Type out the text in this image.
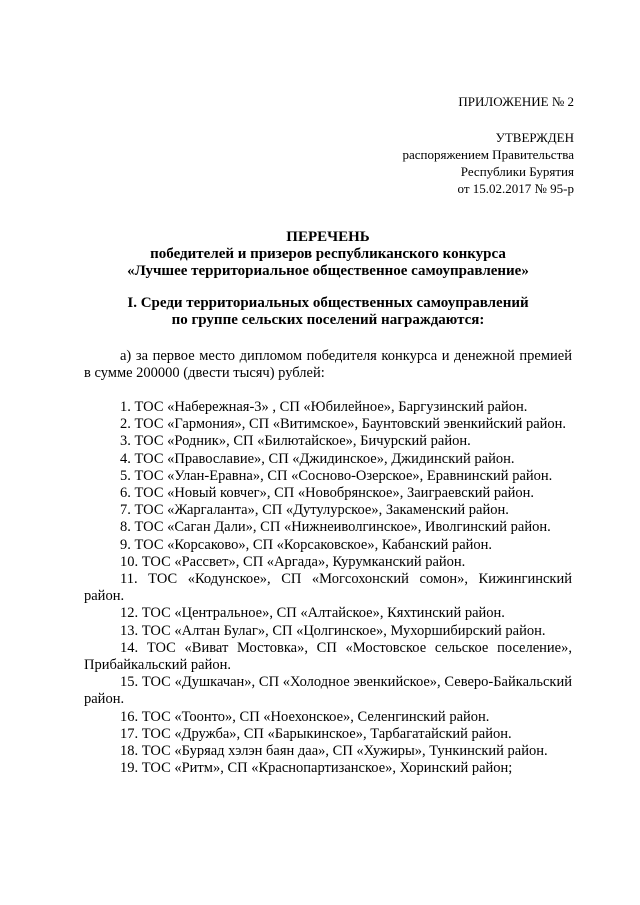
ПРИЛОЖЕНИЕ № 2
УТВЕРЖДЕН
распоряжением Правительства
Республики Бурятия
от 15.02.2017 № 95-р
ПЕРЕЧЕНЬ
победителей и призеров республиканского конкурса
«Лучшее территориальное общественное самоуправление»
I. Среди территориальных общественных самоуправлений
по группе сельских поселений награждаются:
а) за первое место дипломом победителя конкурса и денежной премией в сумме 200000 (двести тысяч) рублей:
1. ТОС «Набережная-3» , СП «Юбилейное», Баргузинский район.
2. ТОС «Гармония», СП «Витимское», Баунтовский эвенкийский район.
3. ТОС «Родник», СП «Билютайское», Бичурский район.
4. ТОС «Православие», СП «Джидинское», Джидинский район.
5. ТОС «Улан-Еравна», СП «Сосново-Озерское», Еравнинский район.
6. ТОС «Новый ковчег», СП «Новобрянское», Заиграевский район.
7. ТОС «Жаргаланта», СП «Дутулурское», Закаменский район.
8. ТОС «Саган Дали», СП «Нижнеиволгинское», Иволгинский район.
9. ТОС «Корсаково», СП «Корсаковское», Кабанский район.
10. ТОС «Рассвет», СП «Аргада», Курумканский район.
11. ТОС «Кодунское», СП «Могсохонский сомон», Кижингинский район.
12. ТОС «Центральное», СП «Алтайское», Кяхтинский район.
13. ТОС «Алтан Булаг», СП «Цолгинское», Мухоршибирский район.
14. ТОС «Виват Мостовка», СП «Мостовское сельское поселение», Прибайкальский район.
15. ТОС «Душкачан», СП «Холодное эвенкийское», Северо-Байкальский район.
16. ТОС «Тоонто», СП «Ноехонское», Селенгинский район.
17. ТОС «Дружба», СП «Барыкинское», Тарбагатайский район.
18. ТОС «Буряад хэлэн баян даа», СП «Хужиры», Тункинский район.
19. ТОС «Ритм», СП «Краснопартизанское», Хоринский район;
